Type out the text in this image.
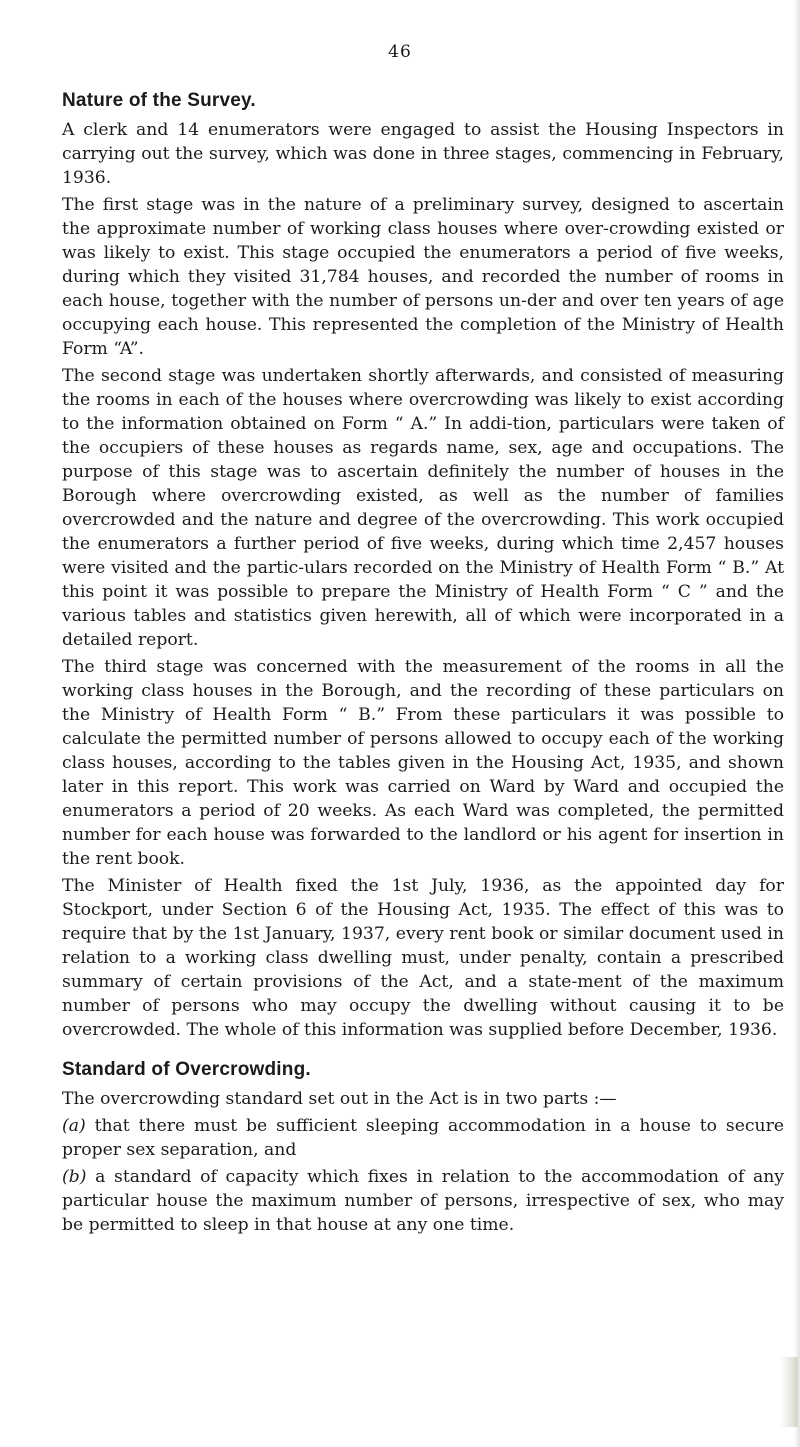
46
Nature of the Survey.

A clerk and 14 enumerators were engaged to assist the Housing Inspectors in carrying out the survey, which was done in three stages, commencing in February, 1936.

The first stage was in the nature of a preliminary survey, designed to ascertain the approximate number of working class houses where over-crowding existed or was likely to exist. This stage occupied the enumerators a period of five weeks, during which they visited 31,784 houses, and recorded the number of rooms in each house, together with the number of persons un-der and over ten years of age occupying each house. This represented the completion of the Ministry of Health Form “A”.

The second stage was undertaken shortly afterwards, and consisted of measuring the rooms in each of the houses where overcrowding was likely to exist according to the information obtained on Form “ A.” In addi-tion, particulars were taken of the occupiers of these houses as regards name, sex, age and occupations. The purpose of this stage was to ascertain definitely the number of houses in the Borough where overcrowding existed, as well as the number of families overcrowded and the nature and degree of the overcrowding. This work occupied the enumerators a further period of five weeks, during which time 2,457 houses were visited and the partic-ulars recorded on the Ministry of Health Form “ B.” At this point it was possible to prepare the Ministry of Health Form “ C ” and the various tables and statistics given herewith, all of which were incorporated in a detailed report.

The third stage was concerned with the measurement of the rooms in all the working class houses in the Borough, and the recording of these particulars on the Ministry of Health Form “ B.” From these particulars it was possible to calculate the permitted number of persons allowed to occupy each of the working class houses, according to the tables given in the Housing Act, 1935, and shown later in this report. This work was carried on Ward by Ward and occupied the enumerators a period of 20 weeks. As each Ward was completed, the permitted number for each house was forwarded to the landlord or his agent for insertion in the rent book.

The Minister of Health fixed the 1st July, 1936, as the appointed day for Stockport, under Section 6 of the Housing Act, 1935. The effect of this was to require that by the 1st January, 1937, every rent book or similar document used in relation to a working class dwelling must, under penalty, contain a prescribed summary of certain provisions of the Act, and a state-ment of the maximum number of persons who may occupy the dwelling without causing it to be overcrowded. The whole of this information was supplied before December, 1936.

Standard of Overcrowding.

The overcrowding standard set out in the Act is in two parts :—

(a) that there must be sufficient sleeping accommodation in a house to secure proper sex separation, and

(b) a standard of capacity which fixes in relation to the accommodation of any particular house the maximum number of persons, irrespective of sex, who may be permitted to sleep in that house at any one time.
